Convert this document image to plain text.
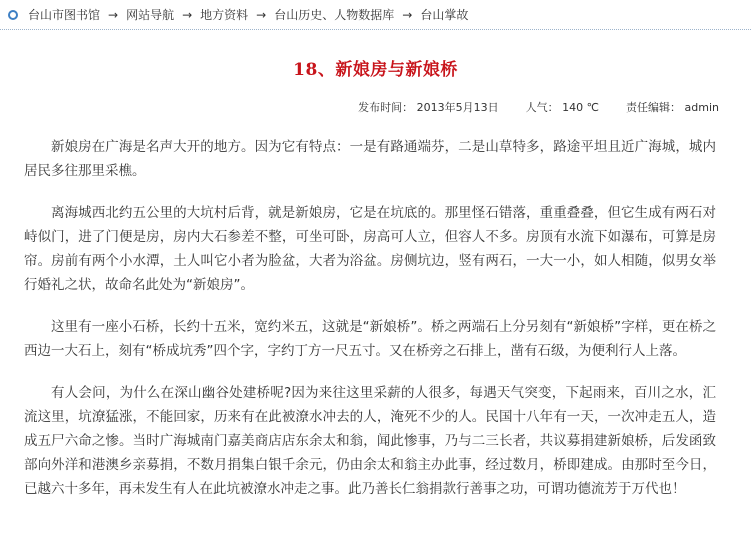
台山市图书馆 → 网站导航 → 地方资料 → 台山历史、人物数据库 → 台山掌故
18、新娘房与新娘桥
发布时间： 2013年5月13日 人气： 140 ℃ 责任编辑： admin

新娘房在广海是名声大开的地方。因为它有特点：一是有路通端芬，二是山草特多，路途平坦且近广海城，城内居民多往那里采樵。

离海城西北约五公里的大坑村后背，就是新娘房，它是在坑底的。那里怪石错落，重重叠叠，但它生成有两石对峙似门，进了门便是房，房内大石参差不整，可坐可卧，房高可人立，但容人不多。房顶有水流下如瀑布，可算是房帘。房前有两个小水潭，土人叫它小者为脸盆，大者为浴盆。房侧坑边，竖有两石，一大一小，如人相随，似男女举行婚礼之状，故命名此处为“新娘房”。

这里有一座小石桥，长约十五米，宽约米五，这就是“新娘桥”。桥之两端石上分另刻有“新娘桥”字样，更在桥之西边一大石上，刻有“桥成坑秀”四个字，字约丁方一尺五寸。又在桥旁之石排上，凿有石级，为便利行人上落。

有人会问，为什么在深山幽谷处建桥呢?因为来往这里采薪的人很多，每遇天气突变，下起雨来，百川之水，汇流这里，坑潦猛涨，不能回家，历来有在此被潦水冲去的人，淹死不少的人。民国十八年有一天，一次冲走五人，造成五尸六命之惨。当时广海城南门嘉美商店店东余太和翁，闻此惨事，乃与二三长者，共议募捐建新娘桥，后发函致部向外洋和港澳乡亲募捐，不数月捐集白银千余元，仍由余太和翁主办此事，经过数月，桥即建成。由那时至今日，已越六十多年，再未发生有人在此坑被潦水冲走之事。此乃善长仁翁捐款行善事之功，可谓功德流芳于万代也！
